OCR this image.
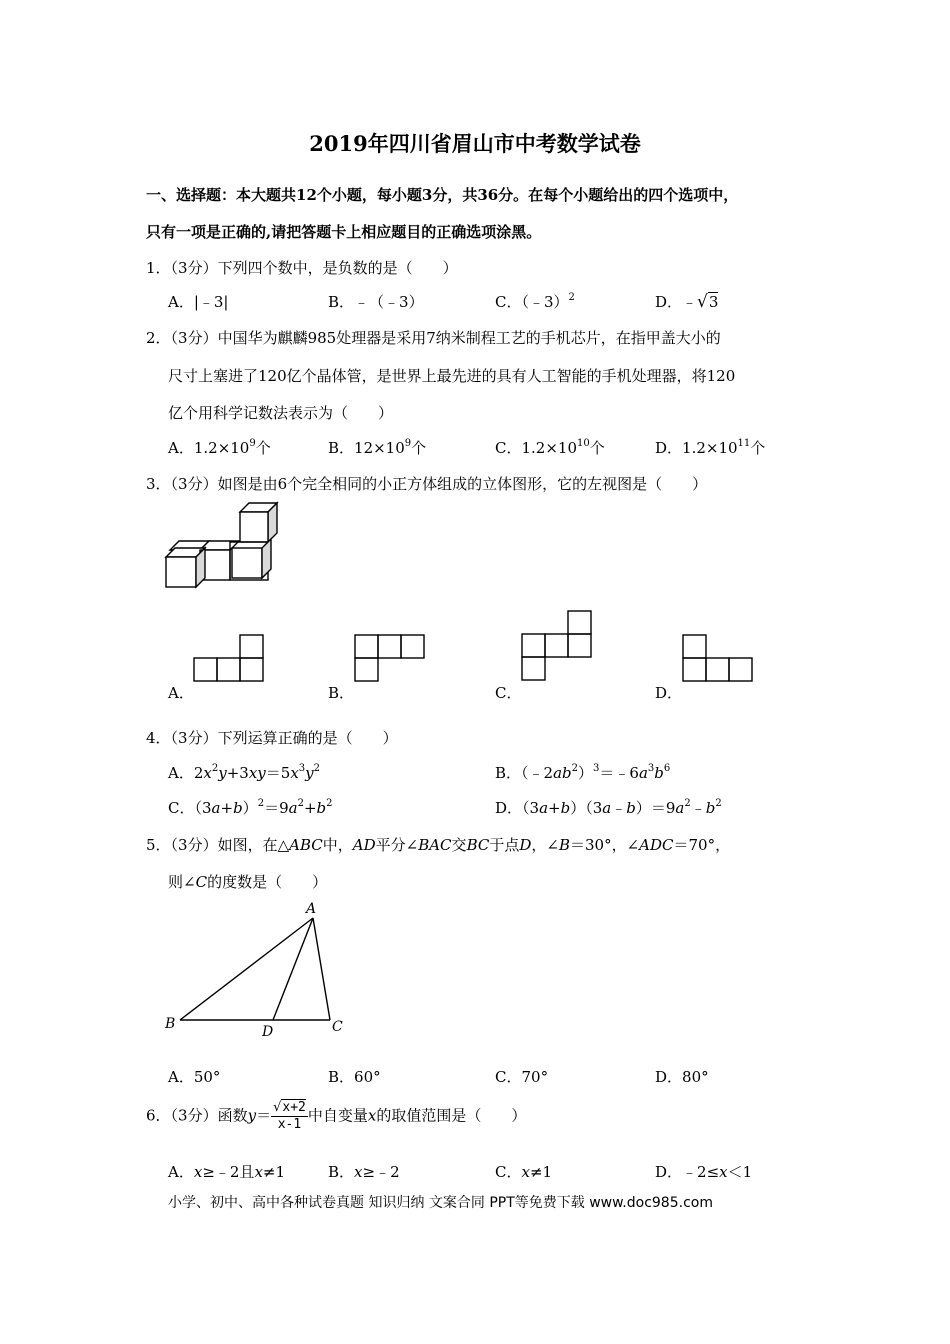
2019年四川省眉山市中考数学试卷
一、选择题：本大题共12个小题，每小题3分，共36分。在每个小题给出的四个选项中，
只有一项是正确的,请把答题卡上相应题目的正确选项涂黑。
1．（3分）下列四个数中，是负数的是（　　）
A．|﹣3|	B．﹣（﹣3）	C．（﹣3）$^2$	D．﹣√3
2．（3分）中国华为麒麟985处理器是采用7纳米制程工艺的手机芯片，在指甲盖大小的
尺寸上塞进了120亿个晶体管，是世界上最先进的具有人工智能的手机处理器，将120
亿个用科学记数法表示为（　　）
A．$1.2\times 10^9$个	B．$12\times 10^9$个	C．$1.2\times 10^{10}$个	D．$1.2\times 10^{11}$个
3．（3分）如图是由6个完全相同的小正方体组成的立体图形，它的左视图是（　　）
A．	B．	C．	D．
4．（3分）下列运算正确的是（　　）
A．$2x^2y+3xy=5x^3y^2$	B．$(﹣2ab^2)^3=﹣6a^3b^6$
C．$(3a+b)^2=9a^2+b^2$	D．$(3a+b)(3a﹣b)=9a^2﹣b^2$
5．（3分）如图，在△ABC中，AD平分∠BAC交BC于点D，∠B＝30°，∠ADC＝70°，
则∠C的度数是（　　）
A
B	C
D
A．50°	B．60°	C．70°	D．80°
6．（3分）函数$y= \frac{√x+2}{x-1}$ 中自变量x的取值范围是（　　）
A．x≥﹣2且x≠1	B．x≥﹣2	C．x≠1	D．﹣2≤x＜1
小学、初中、高中各种试卷真题 知识归纳 文案合同 PPT等免费下载 www.doc985.com
